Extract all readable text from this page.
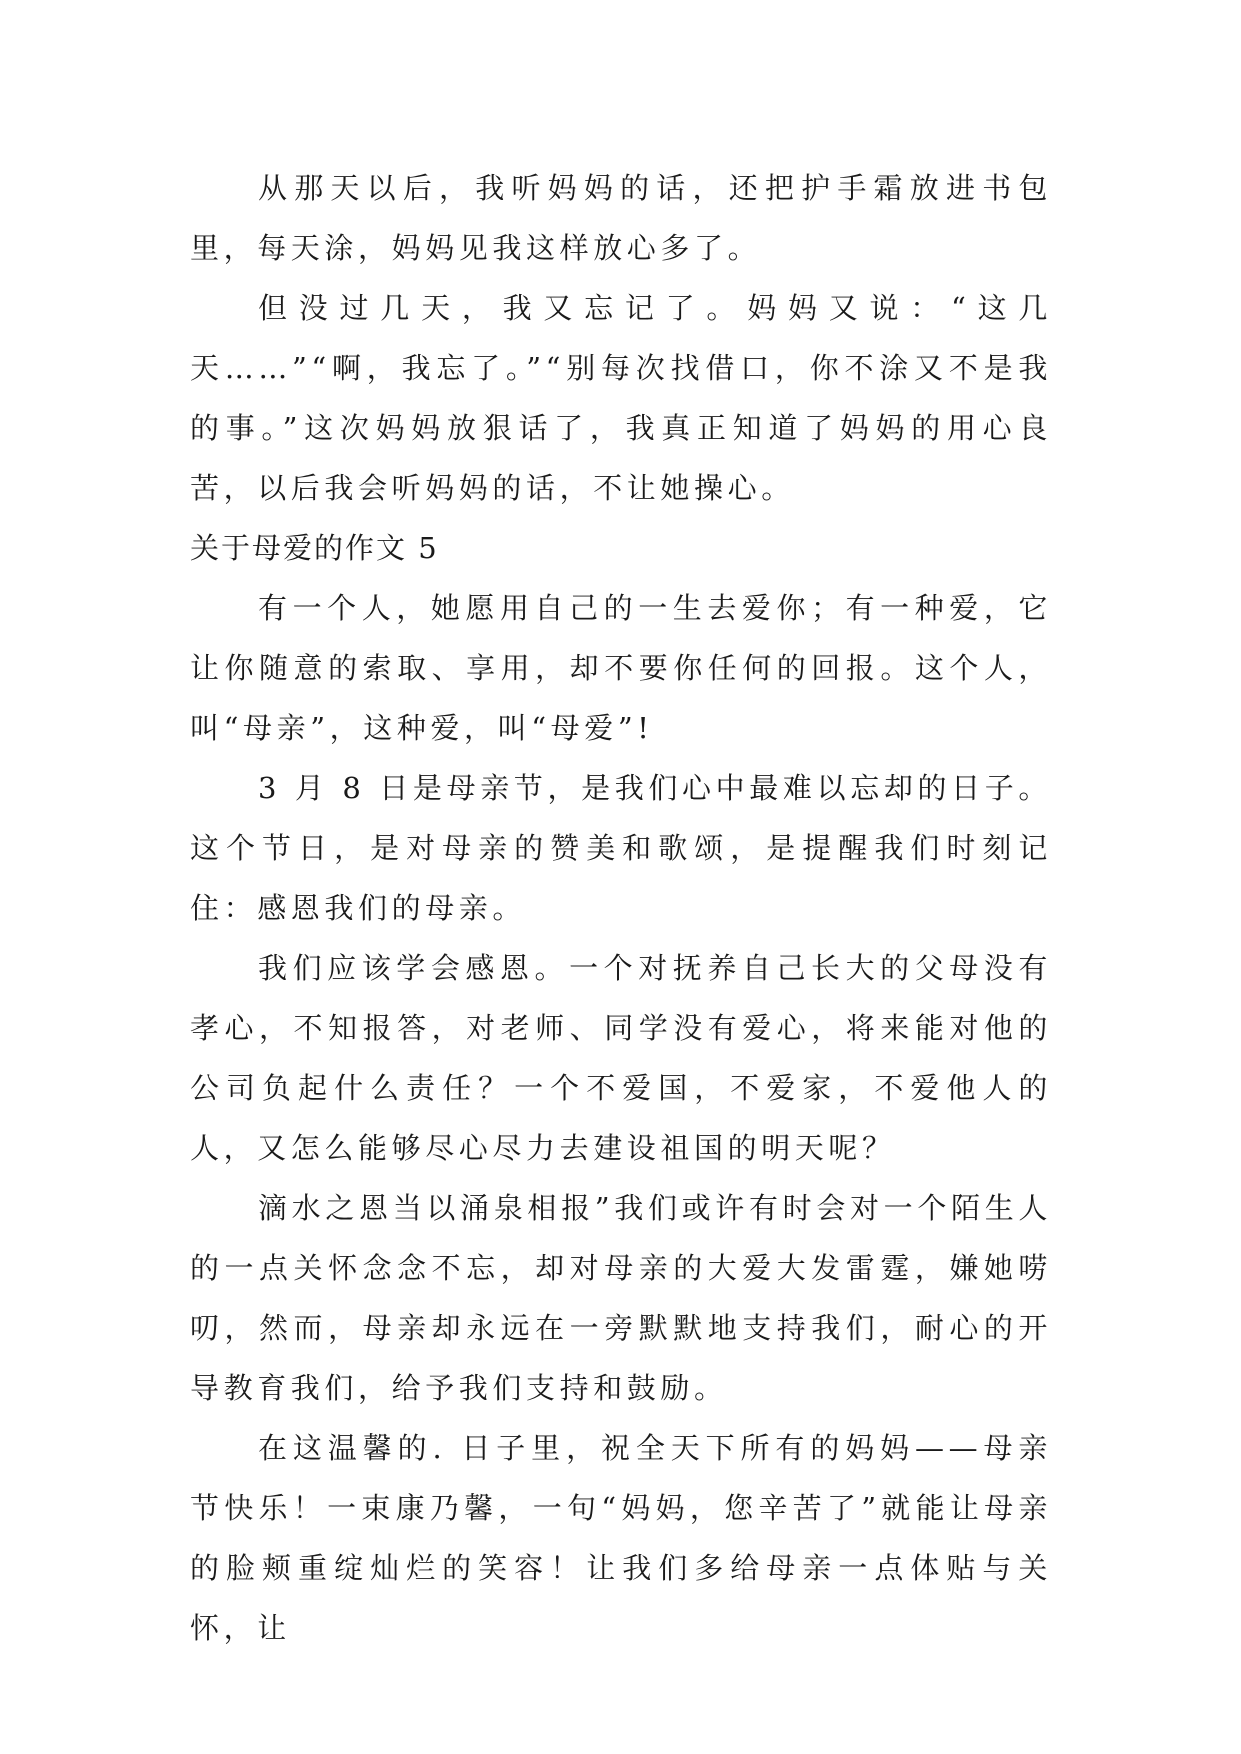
从那天以后，我听妈妈的话，还把护手霜放进书包里，每天涂，妈妈见我这样放心多了。

但没过几天，我又忘记了。妈妈又说：“这几天……”“啊，我忘了。”“别每次找借口，你不涂又不是我的事。”这次妈妈放狠话了，我真正知道了妈妈的用心良苦，以后我会听妈妈的话，不让她操心。

关于母爱的作文 5

有一个人，她愿用自己的一生去爱你；有一种爱，它让你随意的索取、享用，却不要你任何的回报。这个人，叫“母亲”，这种爱，叫“母爱”!

3 月 8 日是母亲节，是我们心中最难以忘却的日子。这个节日，是对母亲的赞美和歌颂，是提醒我们时刻记住：感恩我们的母亲。

我们应该学会感恩。一个对抚养自己长大的父母没有孝心，不知报答，对老师、同学没有爱心，将来能对他的公司负起什么责任？一个不爱国，不爱家，不爱他人的人，又怎么能够尽心尽力去建设祖国的明天呢？

滴水之恩当以涌泉相报”我们或许有时会对一个陌生人的一点关怀念念不忘，却对母亲的大爱大发雷霆，嫌她唠叨，然而，母亲却永远在一旁默默地支持我们，耐心的开导教育我们，给予我们支持和鼓励。

在这温馨的. 日子里，祝全天下所有的妈妈——母亲节快乐！一束康乃馨，一句“妈妈，您辛苦了”就能让母亲的脸颊重绽灿烂的笑容！让我们多给母亲一点体贴与关怀，让
